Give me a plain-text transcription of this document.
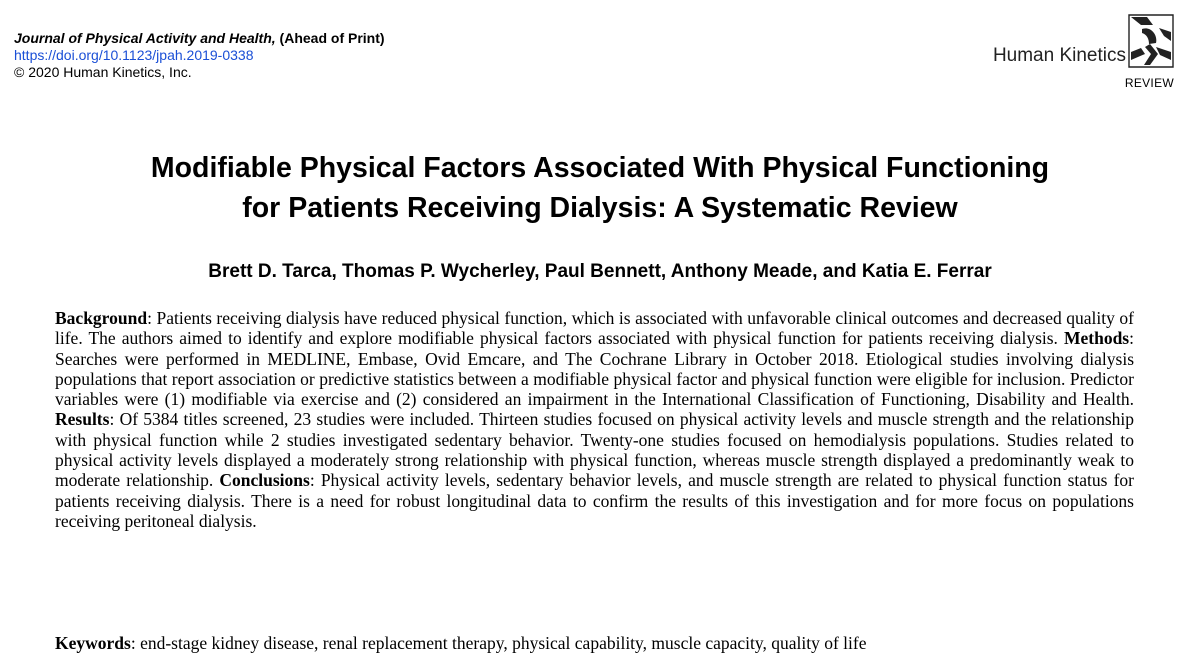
Journal of Physical Activity and Health, (Ahead of Print)
https://doi.org/10.1123/jpah.2019-0338
© 2020 Human Kinetics, Inc.
Human Kinetics
REVIEW
Modifiable Physical Factors Associated With Physical Functioning
for Patients Receiving Dialysis: A Systematic Review
Brett D. Tarca, Thomas P. Wycherley, Paul Bennett, Anthony Meade, and Katia E. Ferrar

Background: Patients receiving dialysis have reduced physical function, which is associated with unfavorable clinical outcomes and decreased quality of life. The authors aimed to identify and explore modifiable physical factors associated with physical function for patients receiving dialysis. Methods: Searches were performed in MEDLINE, Embase, Ovid Emcare, and The Cochrane Library in October 2018. Etiological studies involving dialysis populations that report association or predictive statistics between a modifiable physical factor and physical function were eligible for inclusion. Predictor variables were (1) modifiable via exercise and (2) considered an impairment in the International Classification of Functioning, Disability and Health. Results: Of 5384 titles screened, 23 studies were included. Thirteen studies focused on physical activity levels and muscle strength and the relationship with physical function while 2 studies investigated sedentary behavior. Twenty-one studies focused on hemodialysis populations. Studies related to physical activity levels displayed a moderately strong relationship with physical function, whereas muscle strength displayed a predominantly weak to moderate relationship. Conclusions: Physical activity levels, sedentary behavior levels, and muscle strength are related to physical function status for patients receiving dialysis. There is a need for robust longitudinal data to confirm the results of this investigation and for more focus on populations receiving peritoneal dialysis.

Keywords: end-stage kidney disease, renal replacement therapy, physical capability, muscle capacity, quality of life
